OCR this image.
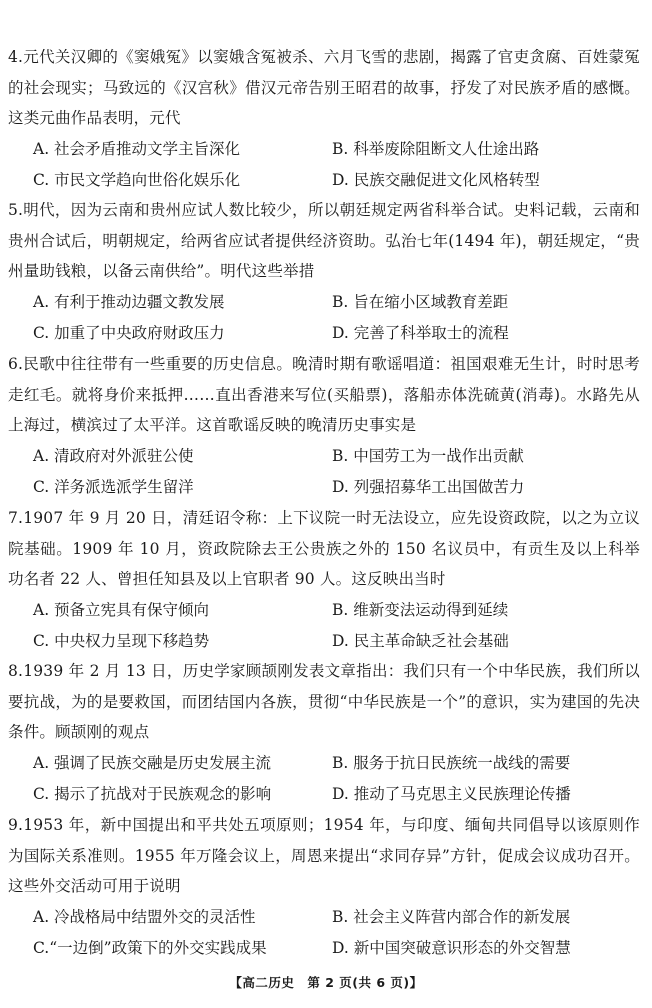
4.元代关汉卿的《窦娥冤》以窦娥含冤被杀、六月飞雪的悲剧，揭露了官吏贪腐、百姓蒙冤的社会现实；马致远的《汉宫秋》借汉元帝告别王昭君的故事，抒发了对民族矛盾的感慨。这类元曲作品表明，元代

A. 社会矛盾推动文学主旨深化	B. 科举废除阻断文人仕途出路
C. 市民文学趋向世俗化娱乐化	D. 民族交融促进文化风格转型

5.明代，因为云南和贵州应试人数比较少，所以朝廷规定两省科举合试。史料记载，云南和贵州合试后，明朝规定，给两省应试者提供经济资助。弘治七年(1494 年)，朝廷规定，“贵州量助钱粮，以备云南供给”。明代这些举措

A. 有利于推动边疆文教发展	B. 旨在缩小区域教育差距
C. 加重了中央政府财政压力	D. 完善了科举取士的流程

6.民歌中往往带有一些重要的历史信息。晚清时期有歌谣唱道：祖国艰难无生计，时时思考走红毛。就将身价来抵押……直出香港来写位(买船票)，落船赤体洗硫黄(消毒)。水路先从上海过，横滨过了太平洋。这首歌谣反映的晚清历史事实是

A. 清政府对外派驻公使	B. 中国劳工为一战作出贡献
C. 洋务派选派学生留洋	D. 列强招募华工出国做苦力

7.1907 年 9 月 20 日，清廷诏令称：上下议院一时无法设立，应先设资政院，以之为立议院基础。1909 年 10 月，资政院除去王公贵族之外的 150 名议员中，有贡生及以上科举功名者 22 人、曾担任知县及以上官职者 90 人。这反映出当时

A. 预备立宪具有保守倾向	B. 维新变法运动得到延续
C. 中央权力呈现下移趋势	D. 民主革命缺乏社会基础

8.1939 年 2 月 13 日，历史学家顾颉刚发表文章指出：我们只有一个中华民族，我们所以要抗战，为的是要救国，而团结国内各族，贯彻“中华民族是一个”的意识，实为建国的先决条件。顾颉刚的观点

A. 强调了民族交融是历史发展主流	B. 服务于抗日民族统一战线的需要
C. 揭示了抗战对于民族观念的影响	D. 推动了马克思主义民族理论传播

9.1953 年，新中国提出和平共处五项原则；1954 年，与印度、缅甸共同倡导以该原则作为国际关系准则。1955 年万隆会议上，周恩来提出“求同存异”方针，促成会议成功召开。这些外交活动可用于说明

A. 冷战格局中结盟外交的灵活性	B. 社会主义阵营内部合作的新发展
C.“一边倒”政策下的外交实践成果	D. 新中国突破意识形态的外交智慧
【高二历史　第 2 页(共 6 页)】
